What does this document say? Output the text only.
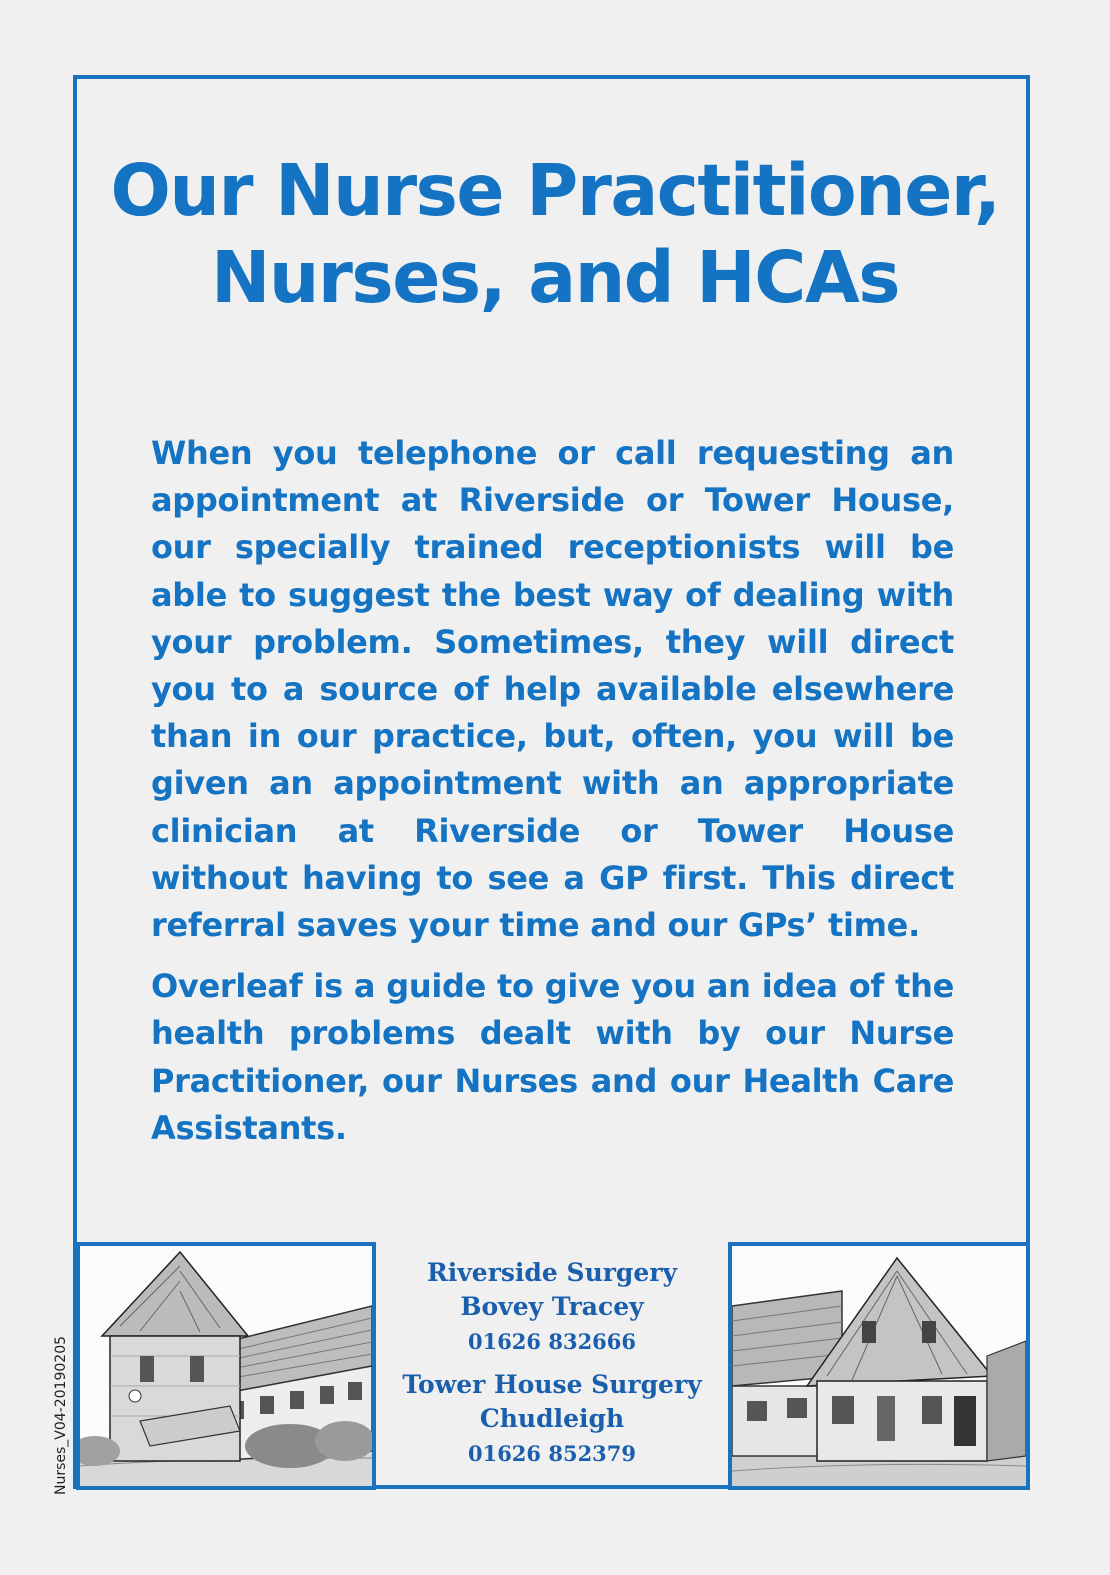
Our Nurse Practitioner,
Nurses, and HCAs

When you telephone or call requesting an appointment at Riverside or Tower House, our specially trained receptionists will be able to suggest the best way of dealing with your problem. Sometimes, they will direct you to a source of help available elsewhere than in our practice, but, often, you will be given an appointment with an appropriate clinician at Riverside or Tower House without having to see a GP first. This direct referral saves your time and our GPs’ time.

Overleaf is a guide to give you an idea of the health problems dealt with by our Nurse Practitioner, our Nurses and our Health Care Assistants.

Riverside Surgery
Bovey Tracey
01626 832666
Tower House Surgery
Chudleigh
01626 852379
Nurses_V04-20190205
